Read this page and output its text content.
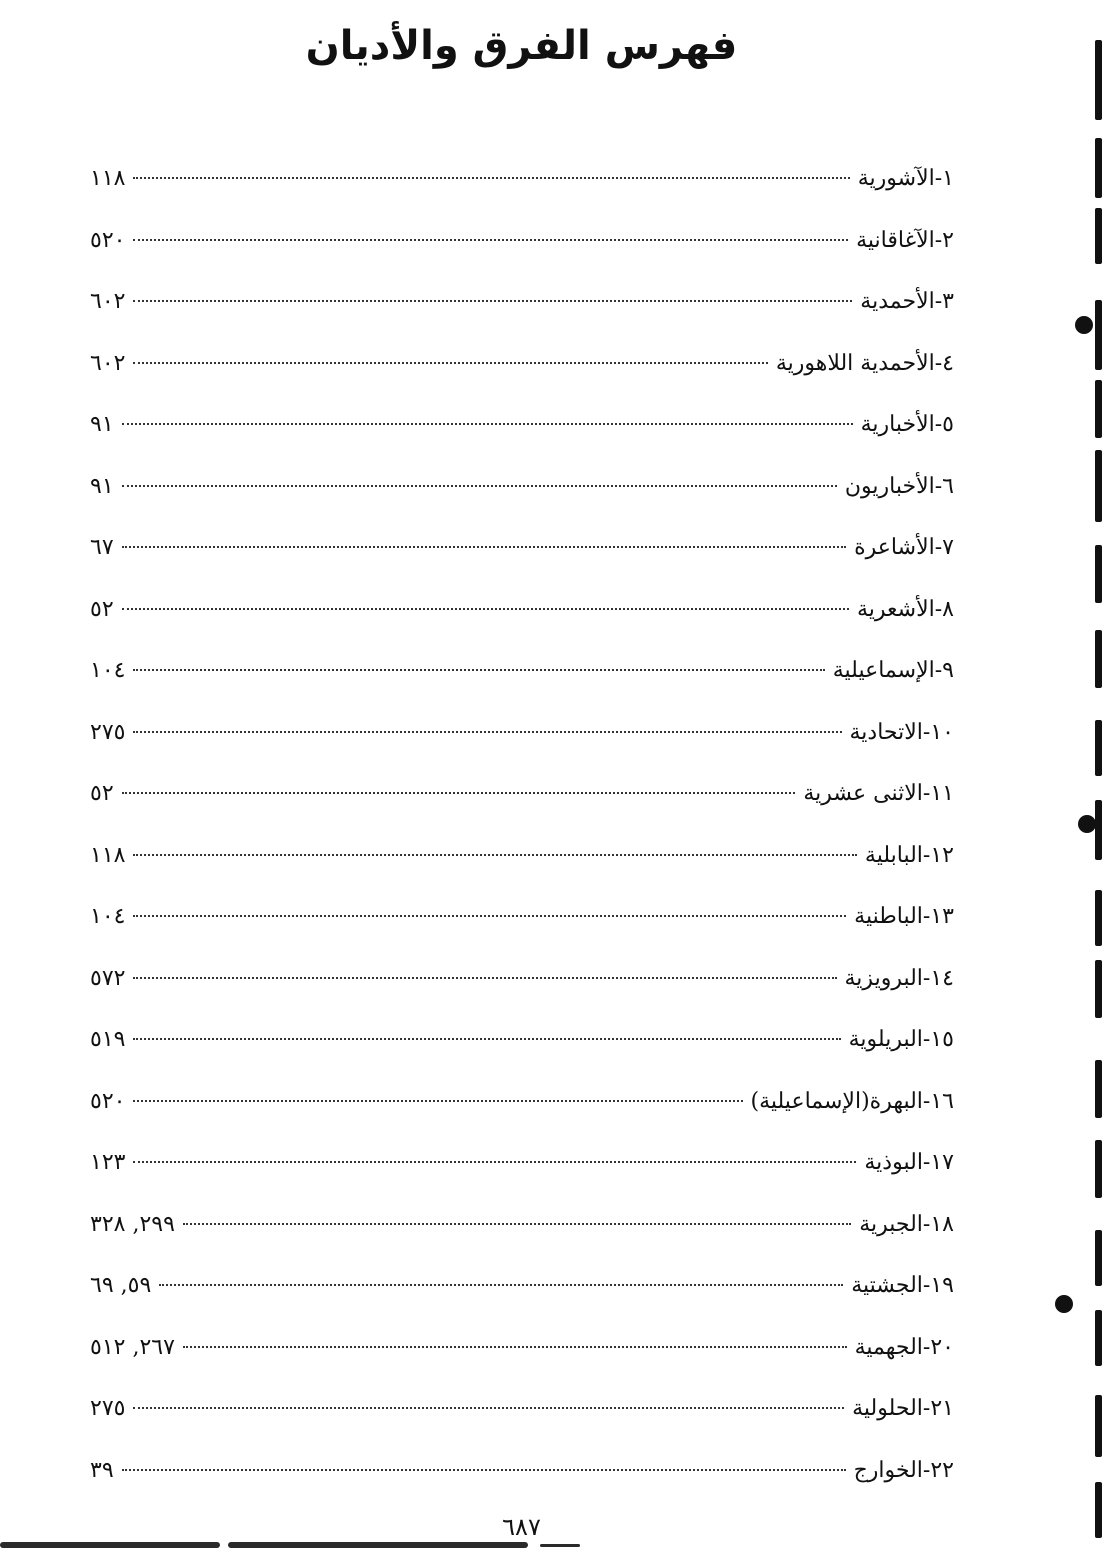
فهرس الفرق والأديان
١-الآشورية
١١٨
٢-الآغاقانية
٥٢٠
٣-الأحمدية
٦٠٢
٤-الأحمدية اللاهورية
٦٠٢
٥-الأخبارية
٩١
٦-الأخباريون
٩١
٧-الأشاعرة
٦٧
٨-الأشعرية
٥٢
٩-الإسماعيلية
١٠٤
١٠-الاتحادية
٢٧٥
١١-الاثنى عشرية
٥٢
١٢-البابلية
١١٨
١٣-الباطنية
١٠٤
١٤-البرويزية
٥٧٢
١٥-البريلوية
٥١٩
١٦-البهرة(الإسماعيلية)
٥٢٠
١٧-البوذية
١٢٣
١٨-الجبرية
٢٩٩, ٣٢٨
١٩-الجشتية
٥٩, ٦٩
٢٠-الجهمية
٢٦٧, ٥١٢
٢١-الحلولية
٢٧٥
٢٢-الخوارج
٣٩
٦٨٧
